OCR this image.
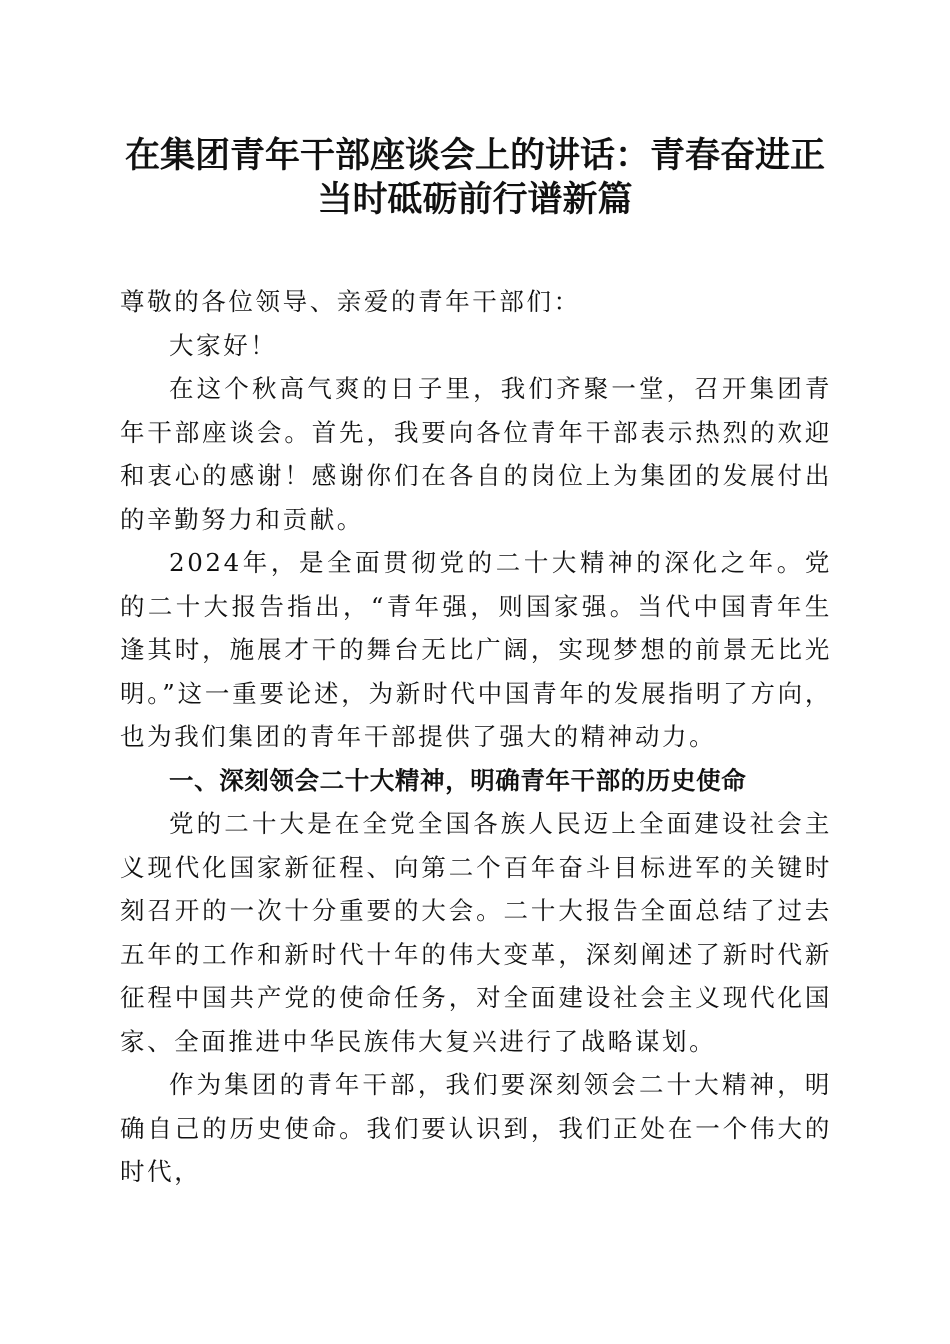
在集团青年干部座谈会上的讲话：青春奋进正
当时砥砺前行谱新篇

尊敬的各位领导、亲爱的青年干部们：

大家好！

在这个秋高气爽的日子里，我们齐聚一堂，召开集团青年干部座谈会。首先，我要向各位青年干部表示热烈的欢迎和衷心的感谢！感谢你们在各自的岗位上为集团的发展付出的辛勤努力和贡献。

2024年，是全面贯彻党的二十大精神的深化之年。党的二十大报告指出，“青年强，则国家强。当代中国青年生逢其时，施展才干的舞台无比广阔，实现梦想的前景无比光明。”这一重要论述，为新时代中国青年的发展指明了方向，也为我们集团的青年干部提供了强大的精神动力。

一、深刻领会二十大精神，明确青年干部的历史使命

党的二十大是在全党全国各族人民迈上全面建设社会主义现代化国家新征程、向第二个百年奋斗目标进军的关键时刻召开的一次十分重要的大会。二十大报告全面总结了过去五年的工作和新时代十年的伟大变革，深刻阐述了新时代新征程中国共产党的使命任务，对全面建设社会主义现代化国家、全面推进中华民族伟大复兴进行了战略谋划。

作为集团的青年干部，我们要深刻领会二十大精神，明确自己的历史使命。我们要认识到，我们正处在一个伟大的时代，
